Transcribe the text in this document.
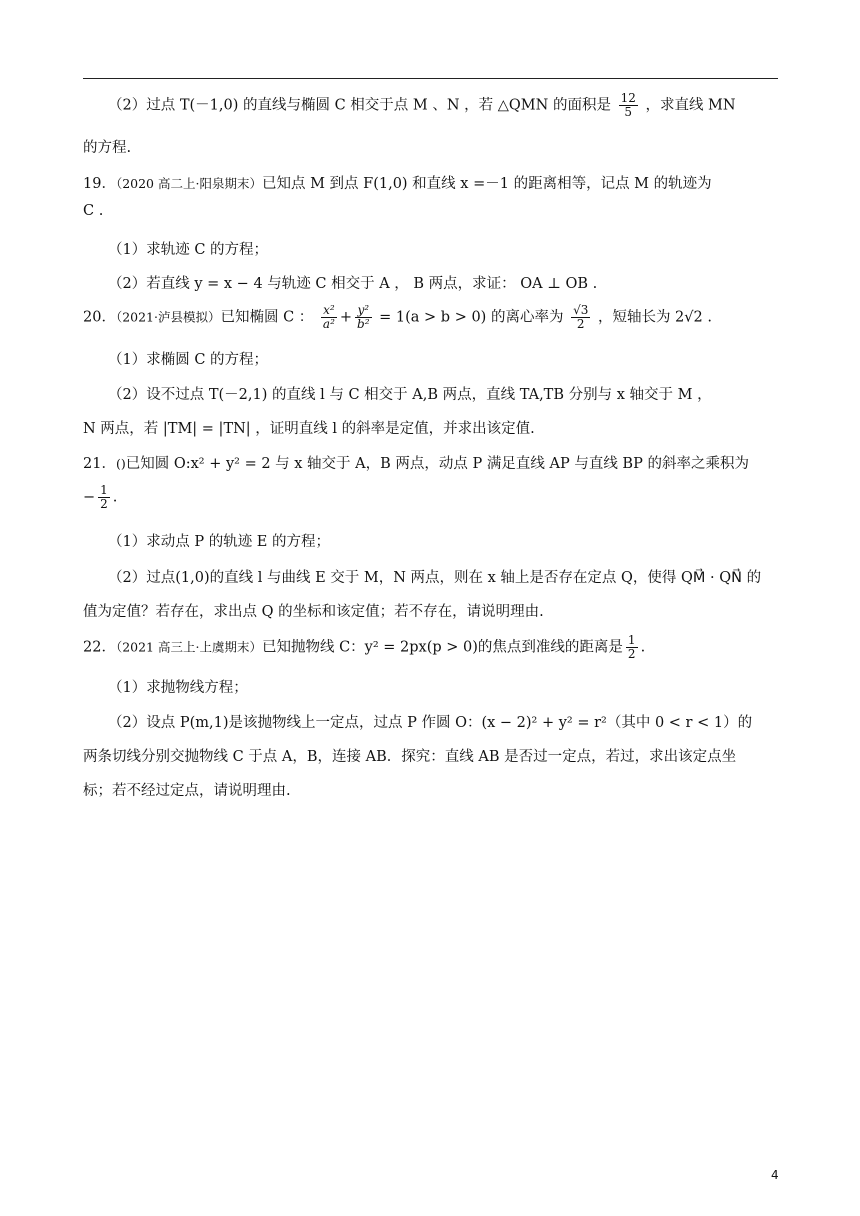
（2）过点 T(－1,0) 的直线与椭圆 C 相交于点 M 、N ，若 △QMN 的面积是 $\frac{12}{5}$ ，求直线 MN
的方程.
19．（2020 高二上·阳泉期末）已知点 M 到点 F(1,0) 和直线 x =－1 的距离相等，记点 M 的轨迹为
C .
（1）求轨迹 C 的方程；
（2）若直线 y = x − 4 与轨迹 C 相交于 A ， B 两点，求证： OA ⊥ OB .
20．（2021·泸县模拟）已知椭圆 C ： $\frac{\text{x²}}{\text{a²}} + \frac{\text{y²}}{\text{b²}} = 1(a > b > 0)$ 的离心率为 $\frac{√3}{2}$ ，短轴长为 2√2 .
（1）求椭圆 C 的方程；
（2）设不过点 T(－2,1) 的直线 l 与 C 相交于 A,B 两点，直线 TA,TB 分别与 x 轴交于 M ，
N 两点，若 |TM| = |TN| ，证明直线 l 的斜率是定值，并求出该定值.
21．()已知圆 O:x² + y² = 2 与 x 轴交于 A，B 两点，动点 P 满足直线 AP 与直线 BP 的斜率之乘积为
− $\frac{1}{2}$ .
（1）求动点 P 的轨迹 E 的方程；
（2）过点(1,0)的直线 l 与曲线 E 交于 M，N 两点，则在 x 轴上是否存在定点 Q，使得 QM⃗ · QN⃗ 的
值为定值？若存在，求出点 Q 的坐标和该定值；若不存在，请说明理由.
22．（2021 高三上·上虞期末）已知抛物线 C：y² = 2px(p > 0)的焦点到准线的距离是 $\frac{1}{2}$ .
（1）求抛物线方程；
（2）设点 P(m,1)是该抛物线上一定点，过点 P 作圆 O：(x − 2)² + y² = r²（其中 0 < r < 1）的
两条切线分别交抛物线 C 于点 A，B，连接 AB．探究：直线 AB 是否过一定点，若过，求出该定点坐
标；若不经过定点，请说明理由.
4
